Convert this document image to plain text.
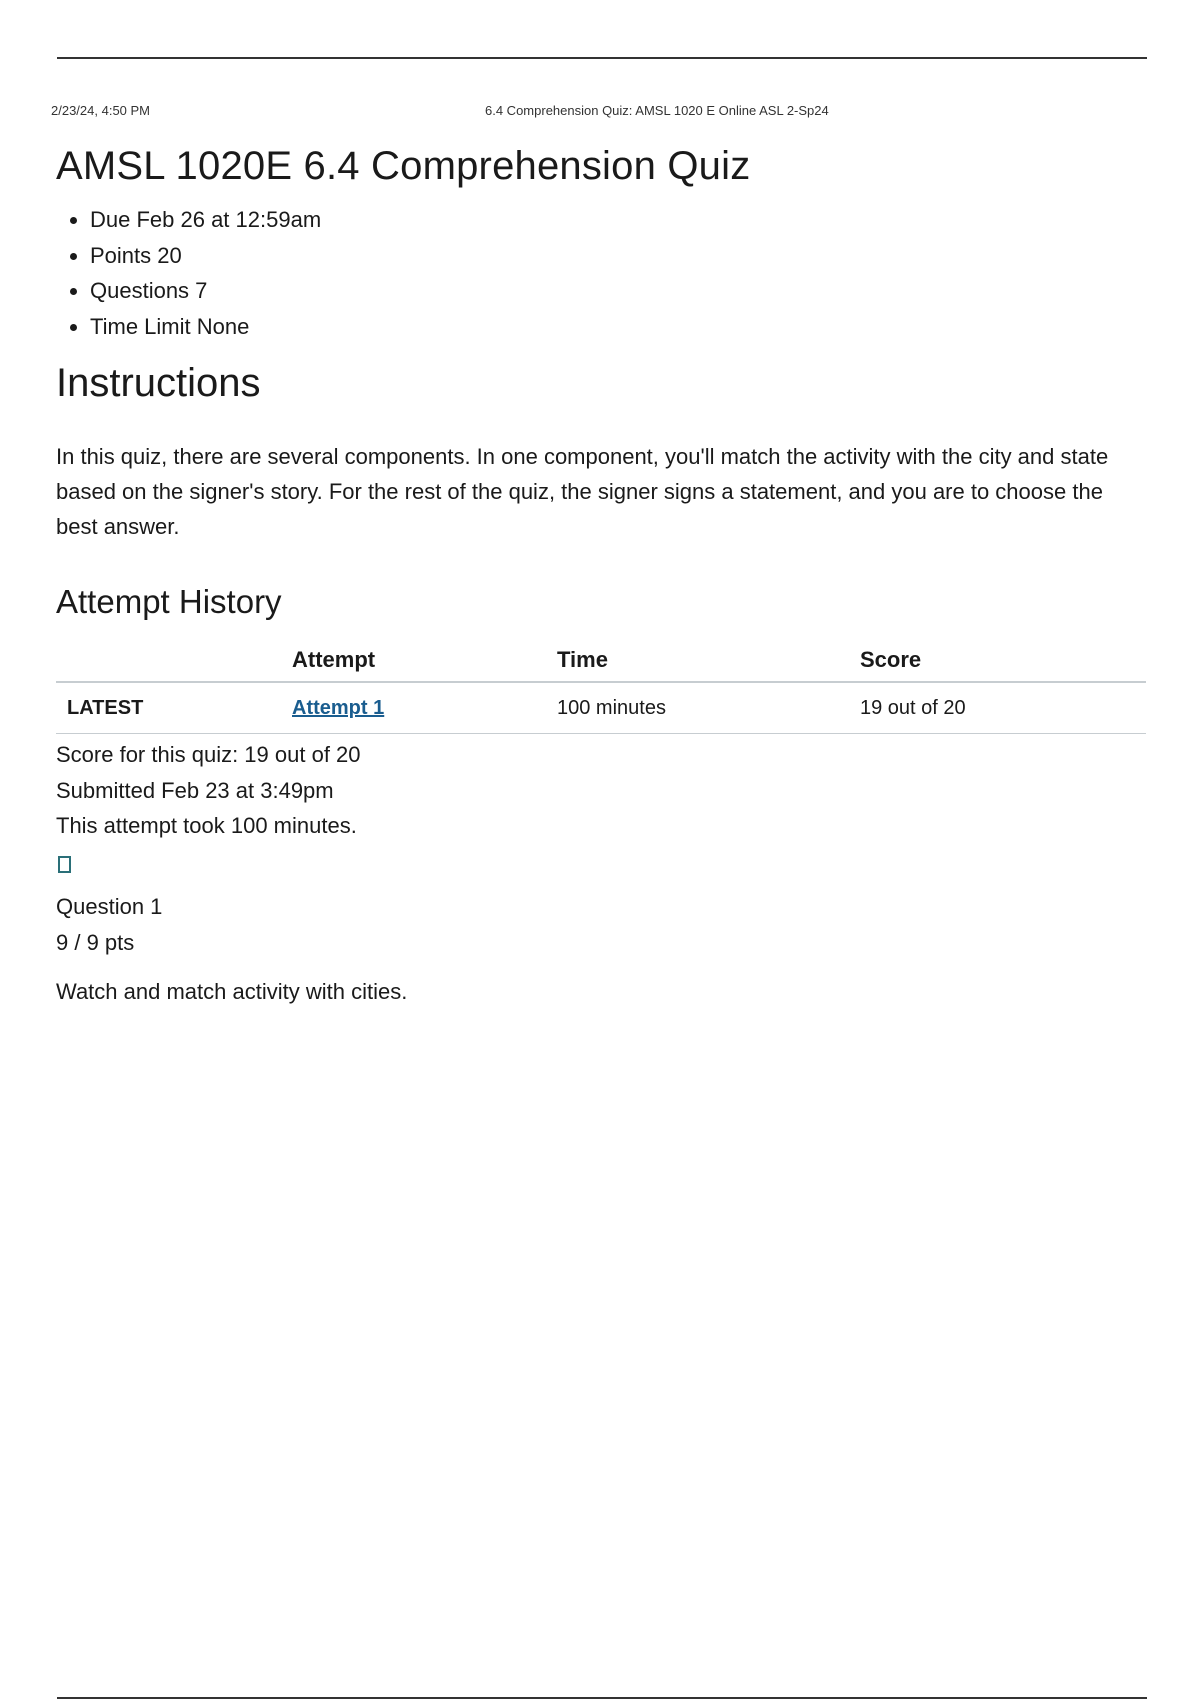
2/23/24, 4:50 PM	6.4 Comprehension Quiz: AMSL 1020 E Online ASL 2-Sp24
AMSL 1020E 6.4 Comprehension Quiz
• Due Feb 26 at 12:59am
• Points 20
• Questions 7
• Time Limit None
Instructions

In this quiz, there are several components. In one component, you'll match the activity with the city and state based on the signer's story. For the rest of the quiz, the signer signs a statement, and you are to choose the best answer.

Attempt History
	Attempt	Time	Score
LATEST	Attempt 1	100 minutes	19 out of 20
Score for this quiz: 19 out of 20
Submitted Feb 23 at 3:49pm
This attempt took 100 minutes.
Question 1
9 / 9 pts

Watch and match activity with cities.
